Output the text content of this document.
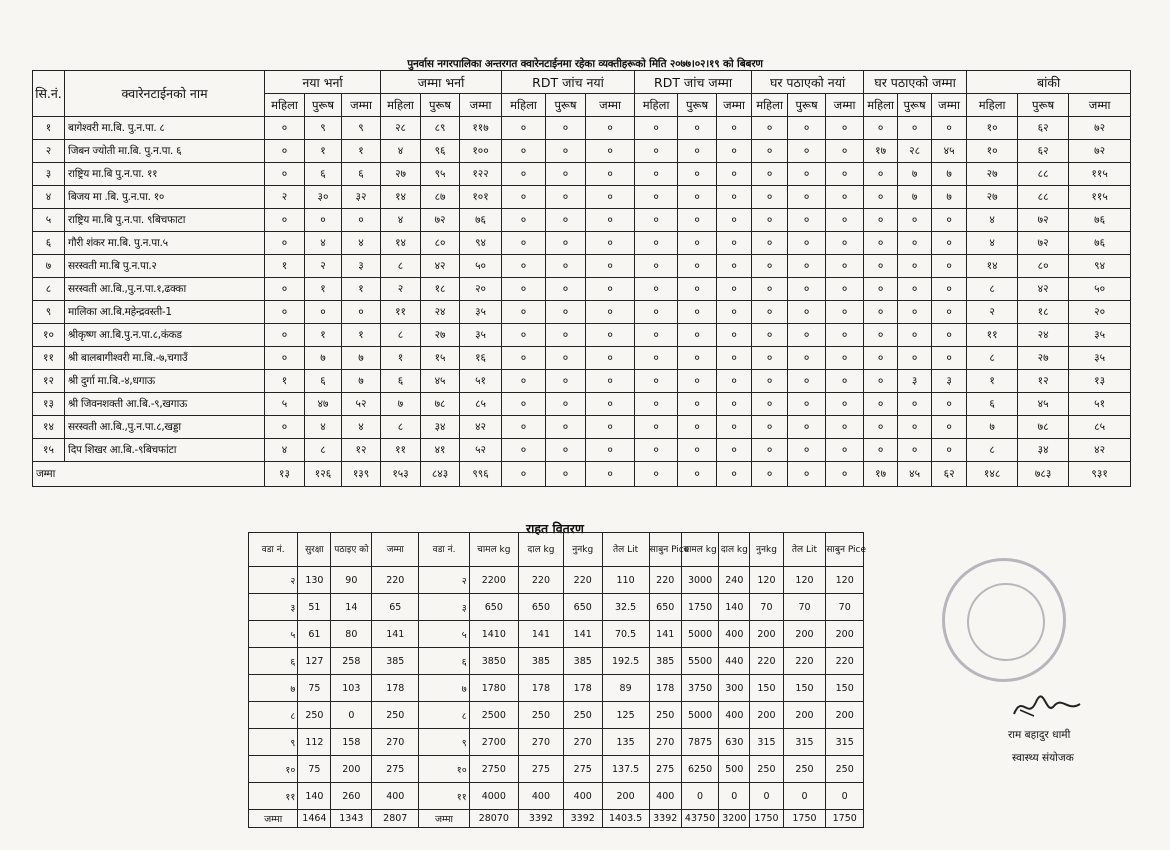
पुनर्वास नगरपालिका अन्तरगत क्वारेनटाईनमा रहेका व्यक्तीहरूको मिति २०७७।०२।१९ को बिबरण
सि.नं.	क्वारेनटाईनको नाम	नया भर्ना			जम्मा भर्ना			RDT जांच नयां			RDT जांच जम्मा			घर पठाएको नयां			घर पठाएको जम्मा			बांकी		
		महिला	पुरूष	जम्मा	महिला	पुरूष	जम्मा	महिला	पुरूष	जम्मा	महिला	पुरूष	जम्मा	महिला	पुरूष	जम्मा	महिला	पुरूष	जम्मा	महिला	पुरूष	जम्मा
१	बागेश्वरी मा.बि. पु.न.पा. ८	०	९	९	२८	८९	११७	०	०	०	०	०	०	०	०	०	०	०	०	१०	६२	७२
२	जिबन ज्योती मा.बि. पु.न.पा. ६	०	१	१	४	९६	१००	०	०	०	०	०	०	०	०	०	१७	२८	४५	१०	६२	७२
३	राष्ट्रिय मा.बि पु.न.पा. ११	०	६	६	२७	९५	१२२	०	०	०	०	०	०	०	०	०	०	७	७	२७	८८	११५
४	बिजय मा .बि. पु.न.पा. १०	२	३०	३२	१४	८७	१०१	०	०	०	०	०	०	०	०	०	०	७	७	२७	८८	११५
५	राष्ट्रिय मा.बि पु.न.पा. ९बिचफाटा	०	०	०	४	७२	७६	०	०	०	०	०	०	०	०	०	०	०	०	४	७२	७६
६	गौरी शंकर मा.बि. पु.न.पा.५	०	४	४	१४	८०	९४	०	०	०	०	०	०	०	०	०	०	०	०	४	७२	७६
७	सरस्वती मा.बि पु.न.पा.२	१	२	३	८	४२	५०	०	०	०	०	०	०	०	०	०	०	०	०	१४	८०	९४
८	सरस्वती आ.बि.,पु.न.पा.१,ढक्का	०	१	१	२	१८	२०	०	०	०	०	०	०	०	०	०	०	०	०	८	४२	५०
९	मालिका आ.बि.महेन्द्रवस्ती-1	०	०	०	११	२४	३५	०	०	०	०	०	०	०	०	०	०	०	०	२	१८	२०
१०	श्रीकृष्ण आ.बि.पु.न.पा.८,कंकड	०	१	१	८	२७	३५	०	०	०	०	०	०	०	०	०	०	०	०	११	२४	३५
११	श्री बालबागीश्वरी मा.बि.-७,चगाउँ	०	७	७	१	१५	१६	०	०	०	०	०	०	०	०	०	०	०	०	८	२७	३५
१२	श्री दुर्गा मा.बि.-४,धगाऊ	१	६	७	६	४५	५१	०	०	०	०	०	०	०	०	०	०	३	३	१	१२	१३
१३	श्री जिवनशक्ती आ.बि.-९,खगाऊ	५	४७	५२	७	७८	८५	०	०	०	०	०	०	०	०	०	०	०	०	६	४५	५१
१४	सरस्वती आ.बि.,पु.न.पा.८,खड्डा	०	४	४	८	३४	४२	०	०	०	०	०	०	०	०	०	०	०	०	७	७८	८५
१५	दिप शिखर आ.बि.-९बिचफांटा	४	८	१२	११	४१	५२	०	०	०	०	०	०	०	०	०	०	०	०	८	३४	४२
जम्मा		१३	१२६	१३९	१५३	८४३	९९६	०	०	०	०	०	०	०	०	०	१७	४५	६२	१४८	७८३	९३१
राहत वितरण
वडा नं.	सुरक्षा	पठाइए को	जम्मा	वडा नं.	चामल kg	दाल kg	नुनkg	तेल Lit	साबुन Pice	चामल kg	दाल kg	नुनkg	तेल Lit	साबुन Pice
२	130	90	220	२	2200	220	220	110	220	3000	240	120	120	120
३	51	14	65	३	650	650	650	32.5	650	1750	140	70	70	70
५	61	80	141	५	1410	141	141	70.5	141	5000	400	200	200	200
६	127	258	385	६	3850	385	385	192.5	385	5500	440	220	220	220
७	75	103	178	७	1780	178	178	89	178	3750	300	150	150	150
८	250	0	250	८	2500	250	250	125	250	5000	400	200	200	200
९	112	158	270	९	2700	270	270	135	270	7875	630	315	315	315
१०	75	200	275	१०	2750	275	275	137.5	275	6250	500	250	250	250
११	140	260	400	११	4000	400	400	200	400	0	0	0	0	0
जम्मा	1464	1343	2807	जम्मा	28070	3392	3392	1403.5	3392	43750	3200	1750	1750	1750
राम बहादुर धामी
स्वास्थ्य संयोजक
